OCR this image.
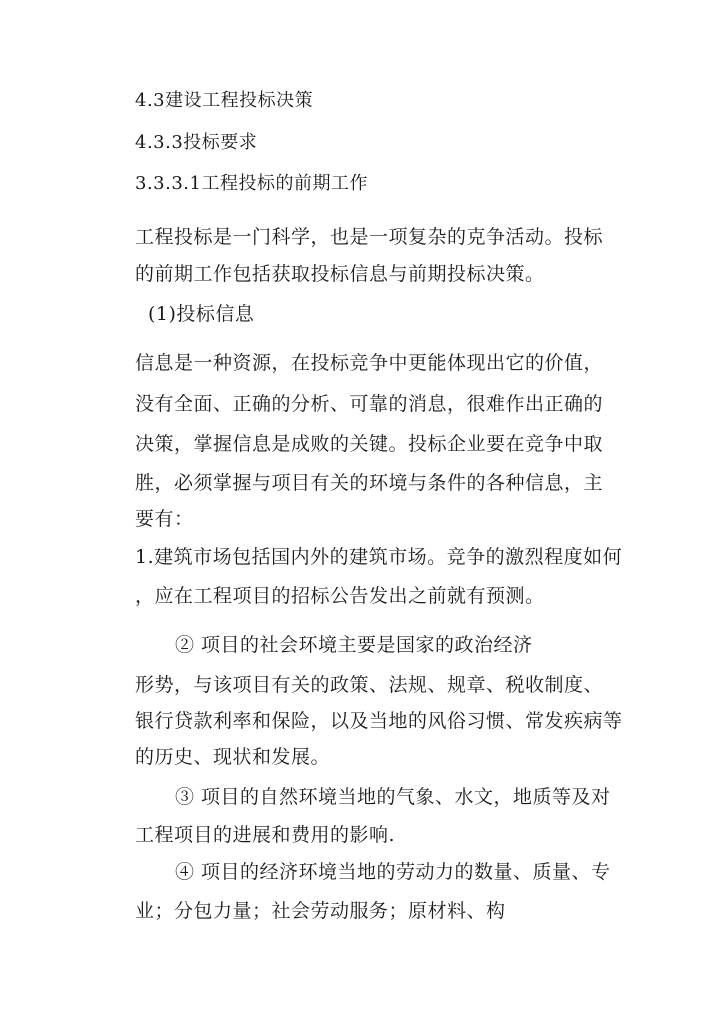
4.3建设工程投标决策
4.3.3投标要求
3.3.3.1工程投标的前期工作
工程投标是一门科学，也是一项复杂的克争活动。投标
的前期工作包括获取投标信息与前期投标决策。
(1)投标信息
信息是一种资源，在投标竞争中更能体现出它的价值，
没有全面、正确的分析、可靠的消息，很难作出正确的
决策，掌握信息是成败的关键。投标企业要在竞争中取
胜，必须掌握与项目有关的环境与条件的各种信息，主
要有：
1.建筑市场包括国内外的建筑市场。竞争的激烈程度如何
，应在工程项目的招标公告发出之前就有预测。
② 项目的社会环境主要是国家的政治经济
形势，与该项目有关的政策、法规、规章、税收制度、
银行贷款利率和保险，以及当地的风俗习惯、常发疾病等
的历史、现状和发展。
③ 项目的自然环境当地的气象、水文，地质等及对
工程项目的进展和费用的影响.
④ 项目的经济环境当地的劳动力的数量、质量、专
业；分包力量；社会劳动服务；原材料、构
